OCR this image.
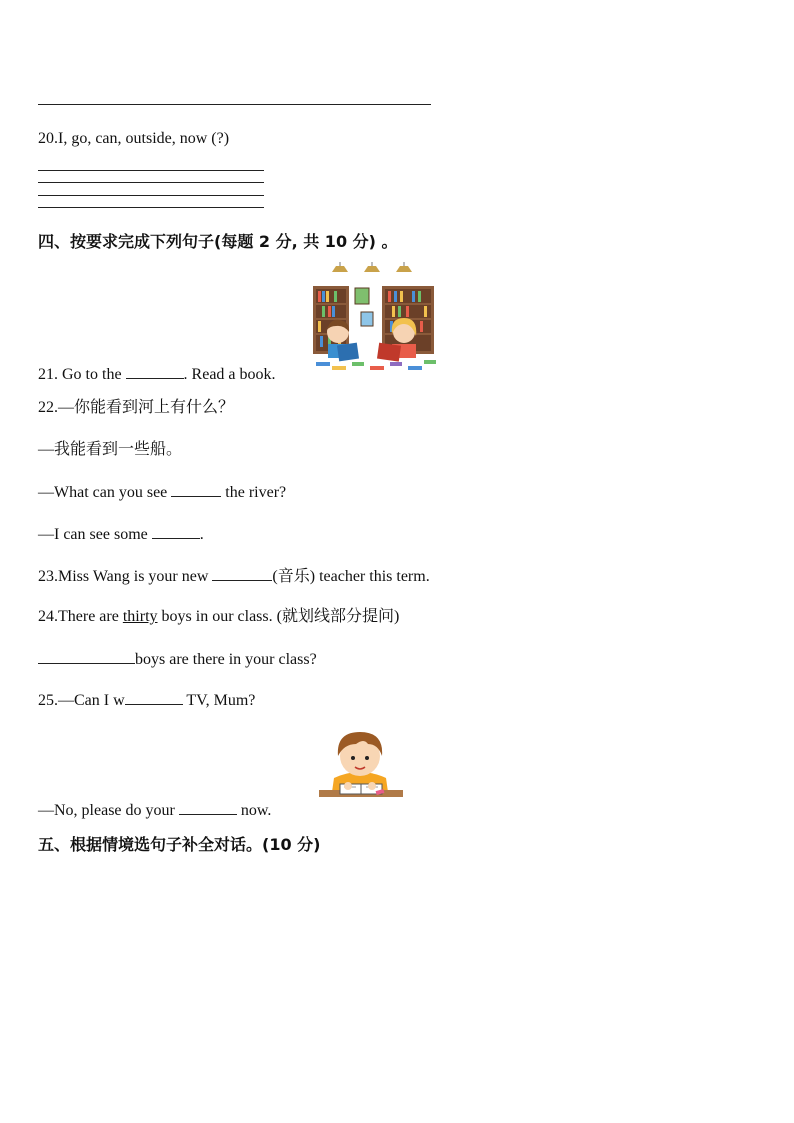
20.I, go, can, outside, now (?)
四、按要求完成下列句子(每题 2 分, 共 10 分) 。
21. Go to the	. Read a book.
22.—你能看到河上有什么？
—我能看到一些船。
—What can you see	the river?
—I can see some	.
23.Miss Wang is your new	(音乐) teacher this term.
24.There are thirty boys in our class. (就划线部分提问)
boys are there in your class?
25.—Can I w	TV, Mum?
—No, please do your	now.
五、根据情境选句子补全对话。(10 分)
